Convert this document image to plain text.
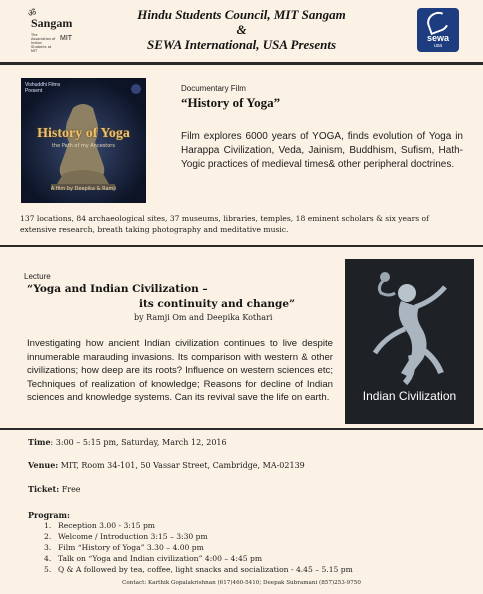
ॐ
Sangam
The Association of Indian Students at MIT
MIT
Hindu Students Council, MIT Sangam
&
SEWA International, USA Presents	sewa
usa
Vishuddhi Films
Present
History of Yoga
the Path of my Ancestors
A film by Deepika & Ramji
Documentary Film
“History of Yoga”
Film explores 6000 years of YOGA, finds evolution of Yoga in Harappa Civilization, Veda, Jainism, Buddhism, Sufism, Hath-Yogic practices of medieval times& other peripheral doctrines.
137 locations, 84 archaeological sites, 37 museums, libraries, temples, 18 eminent scholars & six years of extensive research, breath taking photography and meditative music.
Lecture
“Yoga and Indian Civilization –
its continuity and change”
by Ramji Om and Deepika Kothari
Investigating how ancient Indian civilization continues to live despite innumerable marauding invasions. Its comparison with western & other civilizations; how deep are its roots? Influence on western sciences etc; Techniques of realization of knowledge; Reasons for decline of Indian sciences and knowledge systems. Can its revival save the life on earth.	Indian Civilization
Time: 3:00 – 5:15 pm, Saturday, March 12, 2016
Venue: MIT, Room 34-101, 50 Vassar Street, Cambridge, MA-02139
Ticket: Free
Program:
1. Reception 3.00 - 3:15 pm
2. Welcome / Introduction 3:15 – 3:30 pm
3. Film “History of Yoga” 3.30 – 4.00 pm
4. Talk on “Yoga and Indian civilization” 4:00 – 4:45 pm
5. Q & A followed by tea, coffee, light snacks and socialization - 4.45 – 5.15 pm
Contact: Karthik Gopalakrishnan (617)460-5410; Deepak Subramani (857)253-9750
